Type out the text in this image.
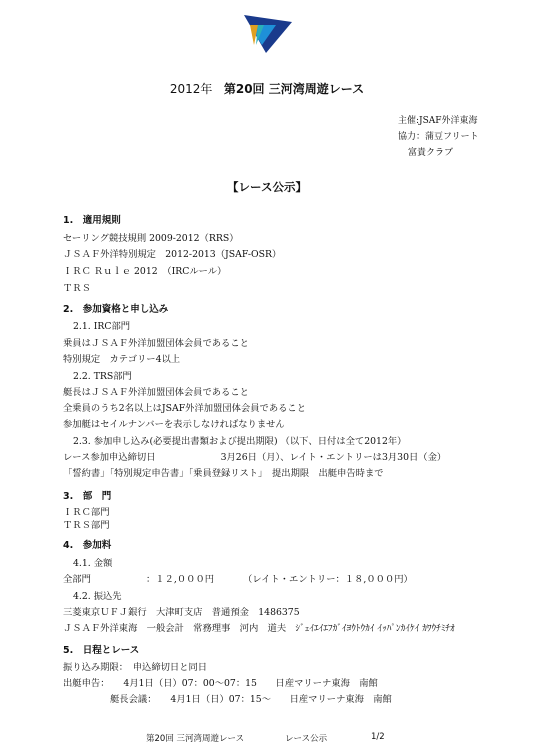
2012年 第20回 三河湾周遊レース
主催:JSAF外洋東海
協力：蒲豆フリート
富貴クラブ
【レース公示】
1.　適用規則
セーリング競技規則 2009-2012（RRS）
ＪＳＡＦ外洋特別規定　2012-2013（JSAF-OSR）
ＩＲＣ Ｒｕｌｅ 2012　（IRCルール）
ＴＲＳ
2.　参加資格と申し込み
2.1. IRC部門
乗員はＪＳＡＦ外洋加盟団体会員であること
特別規定　カテゴリー4以上
2.2. TRS部門
艇長はＪＳＡＦ外洋加盟団体会員であること
全乗員のうち2名以上はJSAF外洋加盟団体会員であること
参加艇はセイルナンバーを表示しなければなりません
2.3. 参加申し込み(必要提出書類および提出期限) （以下、日付は全て2012年）
レース参加申込締切日　　　　　　　3月26日（月）、レイト・エントリーは3月30日（金）
「誓約書」「特別規定申告書」「乗員登録リスト」　提出期限　出艇申告時まで
3.　部　門
ＩＲＣ部門
ＴＲＳ部門
4.　参加料
4.1. 金額
全部門	：１２,０００円	（レイト・エントリー：１８,０００円）
4.2. 振込先
三菱東京ＵＦＪ銀行　大津町支店　普通預金　1486375
ＪＳＡＦ外洋東海　一般会計　常務理事　河内　道夫　ｼﾞｪｲｴｲｴﾌｶﾞｲﾖｳﾄｳｶｲ ｲｯﾊﾟﾝｶｲｹｲ ｶﾜｳﾁﾐﾁｵ
5.　日程とレース
振り込み期限：　申込締切日と同日
出艇申告：　　4月1日（日）07：00〜07：15　　日産マリーナ東海　南館
艇長会議：　　4月1日（日）07：15〜　　日産マリーナ東海　南館
第20回 三河湾周遊レース	レース公示	1/2
